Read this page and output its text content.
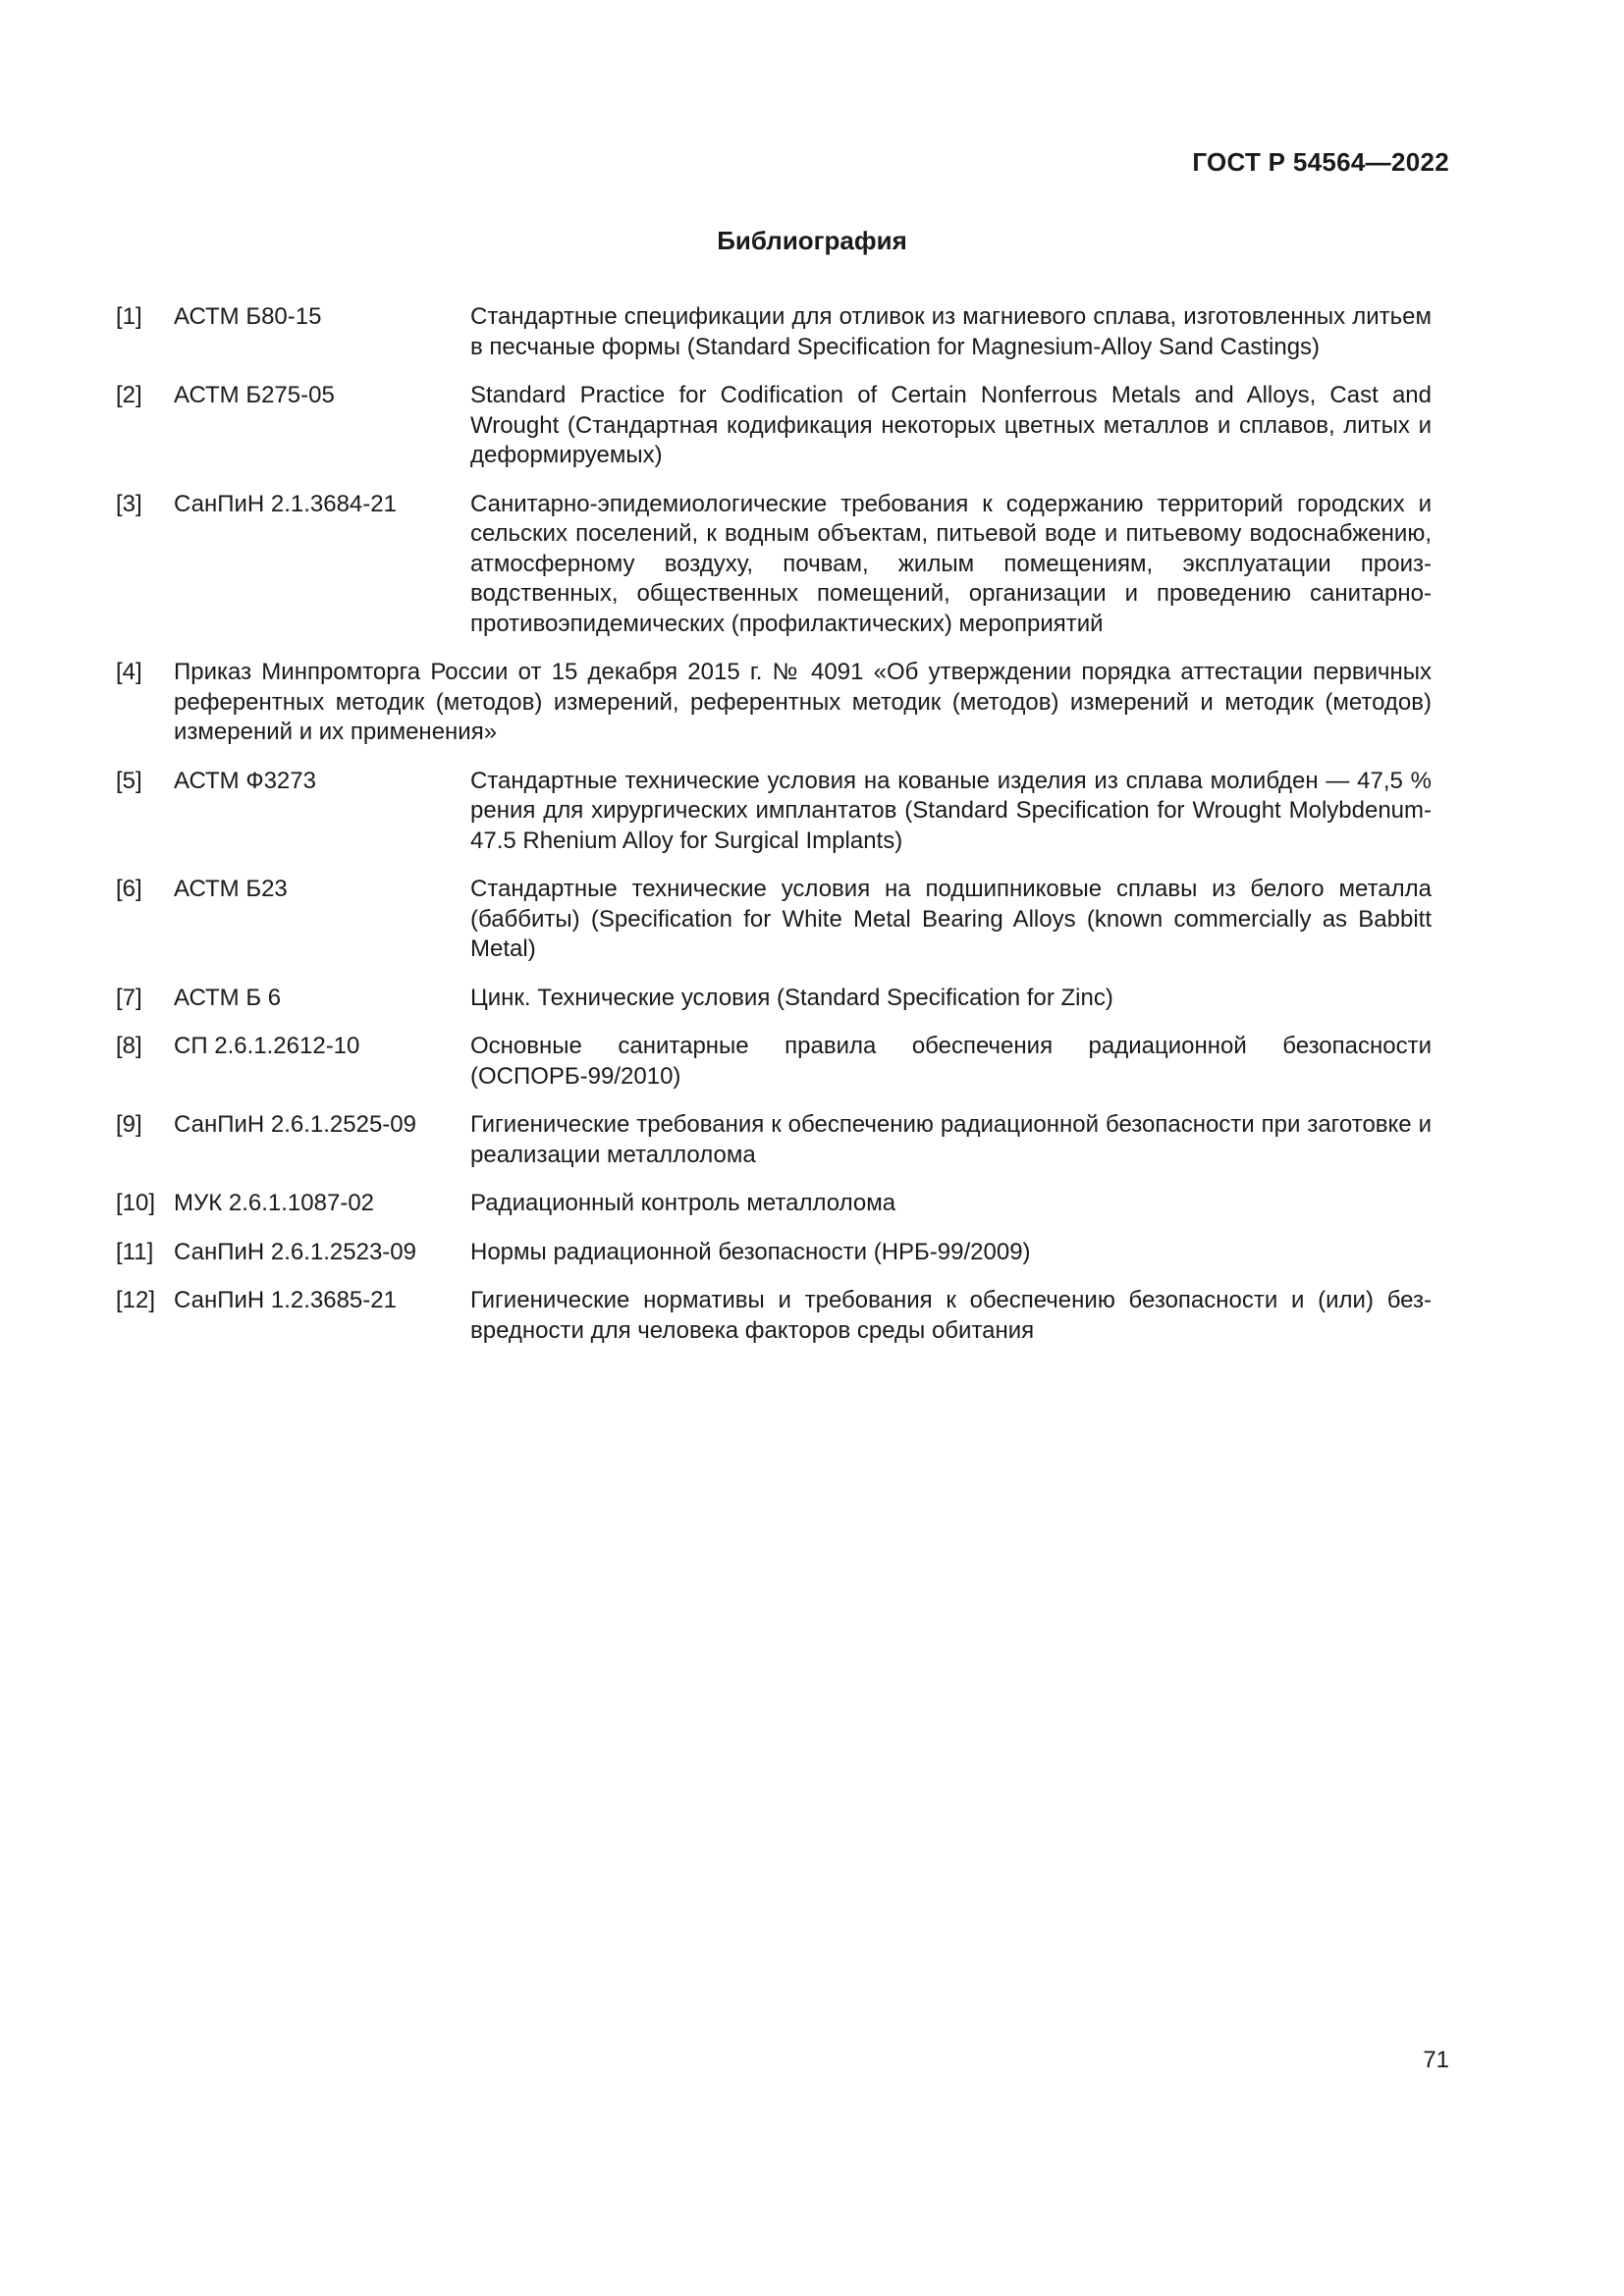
ГОСТ Р 54564—2022
Библиография
[1]	АСТМ Б80-15	Стандартные спецификации для отливок из магниевого сплава, изготовленных литьем в песчаные формы (Standard Specification for Magnesium-Alloy Sand Castings)
[2]	АСТМ Б275-05	Standard Practice for Codification of Certain Nonferrous Metals and Alloys, Cast and Wrought (Стандартная кодификация некоторых цветных металлов и сплавов, литых и деформируемых)
[3]	СанПиН 2.1.3684-21	Санитарно-эпидемиологические требования к содержанию территорий городских и сельских поселений, к водным объектам, питьевой воде и питьевому водоснабжению, атмосферному воздуху, почвам, жилым помещениям, эксплуатации производственных, общественных помещений, организации и проведению санитарно-противоэпидемических (профилактических) мероприятий
[4]	Приказ Минпромторга России от 15 декабря 2015 г. № 4091 «Об утверждении порядка аттестации первичных референтных методик (методов) измерений, референтных методик (методов) измерений и методик (методов) измерений и их применения»
[5]	АСТМ Ф3273	Стандартные технические условия на кованые изделия из сплава молибден — 47,5 % рения для хирургических имплантатов (Standard Specification for Wrought Molybdenum-47.5 Rhenium Alloy for Surgical Implants)
[6]	АСТМ Б23	Стандартные технические условия на подшипниковые сплавы из белого металла (баббиты) (Specification for White Metal Bearing Alloys (known commercially as Babbitt Metal)
[7]	АСТМ Б 6	Цинк. Технические условия (Standard Specification for Zinc)
[8]	СП 2.6.1.2612-10	Основные санитарные правила обеспечения радиационной безопасности (ОСПОРБ-99/2010)
[9]	СанПиН 2.6.1.2525-09	Гигиенические требования к обеспечению радиационной безопасности при заготовке и реализации металлолома
[10] МУК 2.6.1.1087-02	Радиационный контроль металлолома
[11] СанПиН 2.6.1.2523-09	Нормы радиационной безопасности (НРБ-99/2009)
[12] СанПиН 1.2.3685-21	Гигиенические нормативы и требования к обеспечению безопасности и (или) безвредности для человека факторов среды обитания
71
